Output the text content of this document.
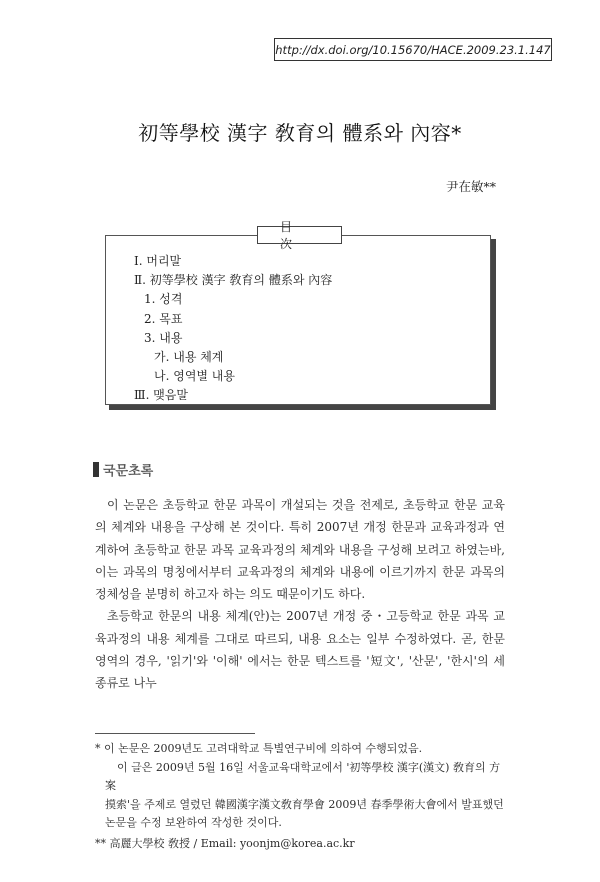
http://dx.doi.org/10.15670/HACE.2009.23.1.147
初等學校 漢字 敎育의 體系와 內容*
尹在敏**
目次
Ⅰ. 머리말
Ⅱ. 初等學校 漢字 敎育의 體系와 內容
1. 성격
2. 목표
3. 내용
가. 내용 체계
나. 영역별 내용
Ⅲ. 맺음말
국문초록

이 논문은 초등학교 한문 과목이 개설되는 것을 전제로, 초등학교 한문 교육의 체계와 내용을 구상해 본 것이다. 특히 2007년 개정 한문과 교육과정과 연계하여 초등학교 한문 과목 교육과정의 체계와 내용을 구성해 보려고 하였는바, 이는 과목의 명칭에서부터 교육과정의 체계와 내용에 이르기까지 한문 과목의 정체성을 분명히 하고자 하는 의도 때문이기도 하다.

초등학교 한문의 내용 체계(안)는 2007년 개정 중・고등학교 한문 과목 교육과정의 내용 체계를 그대로 따르되, 내용 요소는 일부 수정하였다. 곧, 한문 영역의 경우, '읽기'와 '이해' 에서는 한문 텍스트를 '短文', '산문', '한시'의 세 종류로 나누

* 이 논문은 2009년도 고려대학교 특별연구비에 의하여 수행되었음.

이 글은 2009년 5월 16일 서울교육대학교에서 '初等學校 漢字(漢文) 敎育의 方案

摸索'을 주제로 열렸던 韓國漢字漢文敎育學會 2009년 春季學術大會에서 발표했던

논문을 수정 보완하여 작성한 것이다.

** 高麗大學校 敎授 / Email: yoonjm@korea.ac.kr
